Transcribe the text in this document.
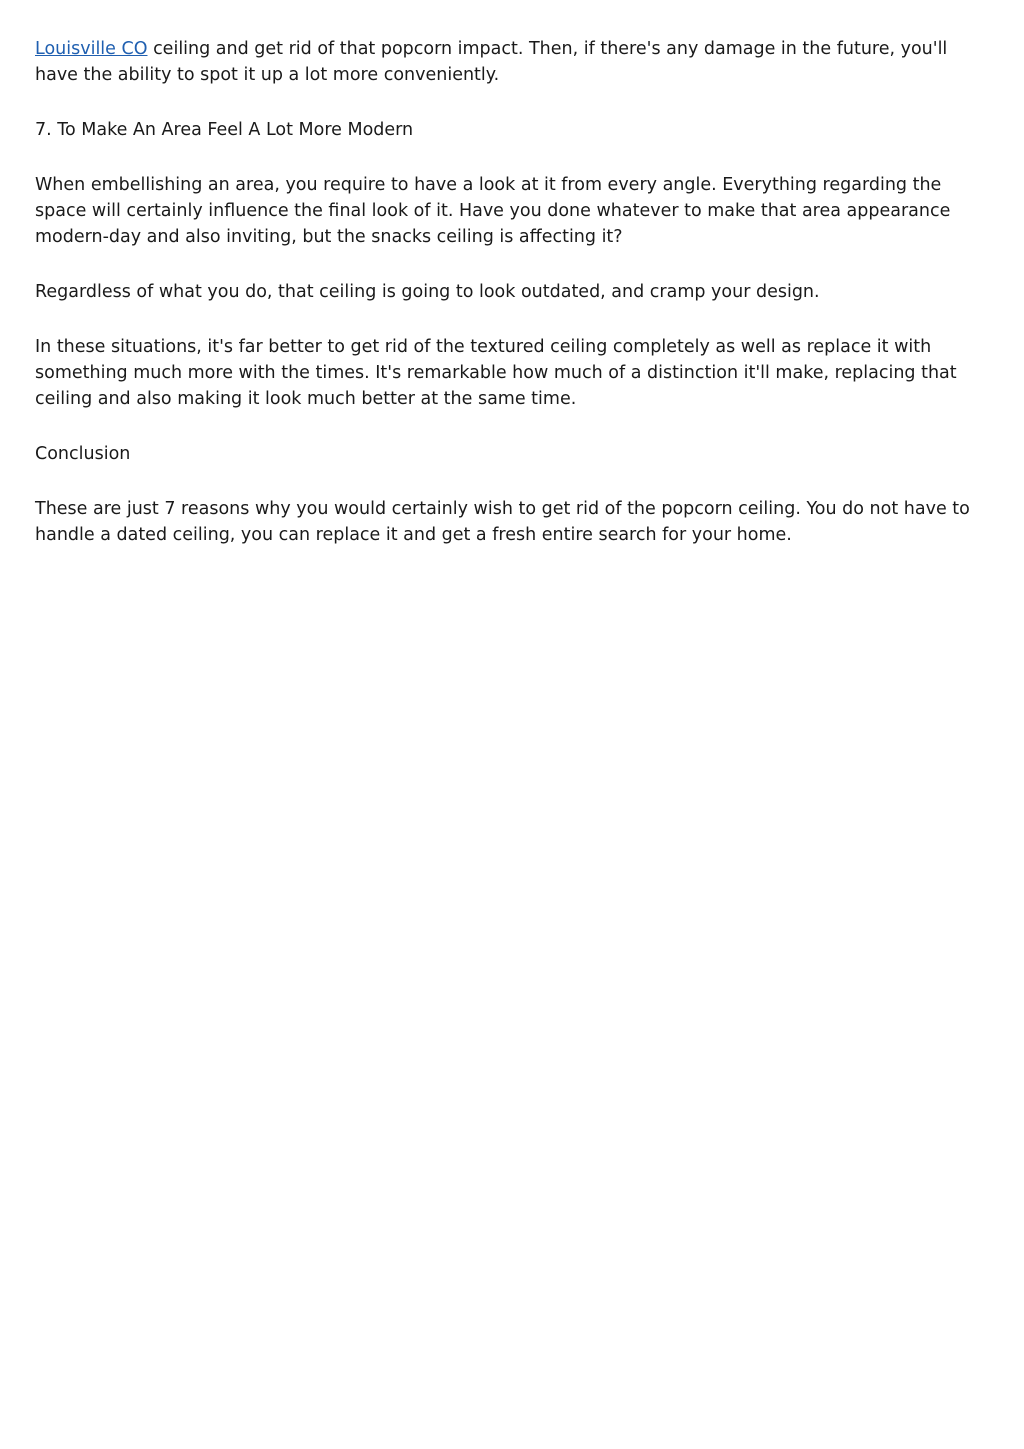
Louisville CO ceiling and get rid of that popcorn impact. Then, if there's any damage in the future, you'll have the ability to spot it up a lot more conveniently.

7. To Make An Area Feel A Lot More Modern

When embellishing an area, you require to have a look at it from every angle. Everything regarding the space will certainly influence the final look of it. Have you done whatever to make that area appearance modern-day and also inviting, but the snacks ceiling is affecting it?

Regardless of what you do, that ceiling is going to look outdated, and cramp your design.

In these situations, it's far better to get rid of the textured ceiling completely as well as replace it with something much more with the times. It's remarkable how much of a distinction it'll make, replacing that ceiling and also making it look much better at the same time.

Conclusion

These are just 7 reasons why you would certainly wish to get rid of the popcorn ceiling. You do not have to handle a dated ceiling, you can replace it and get a fresh entire search for your home.
